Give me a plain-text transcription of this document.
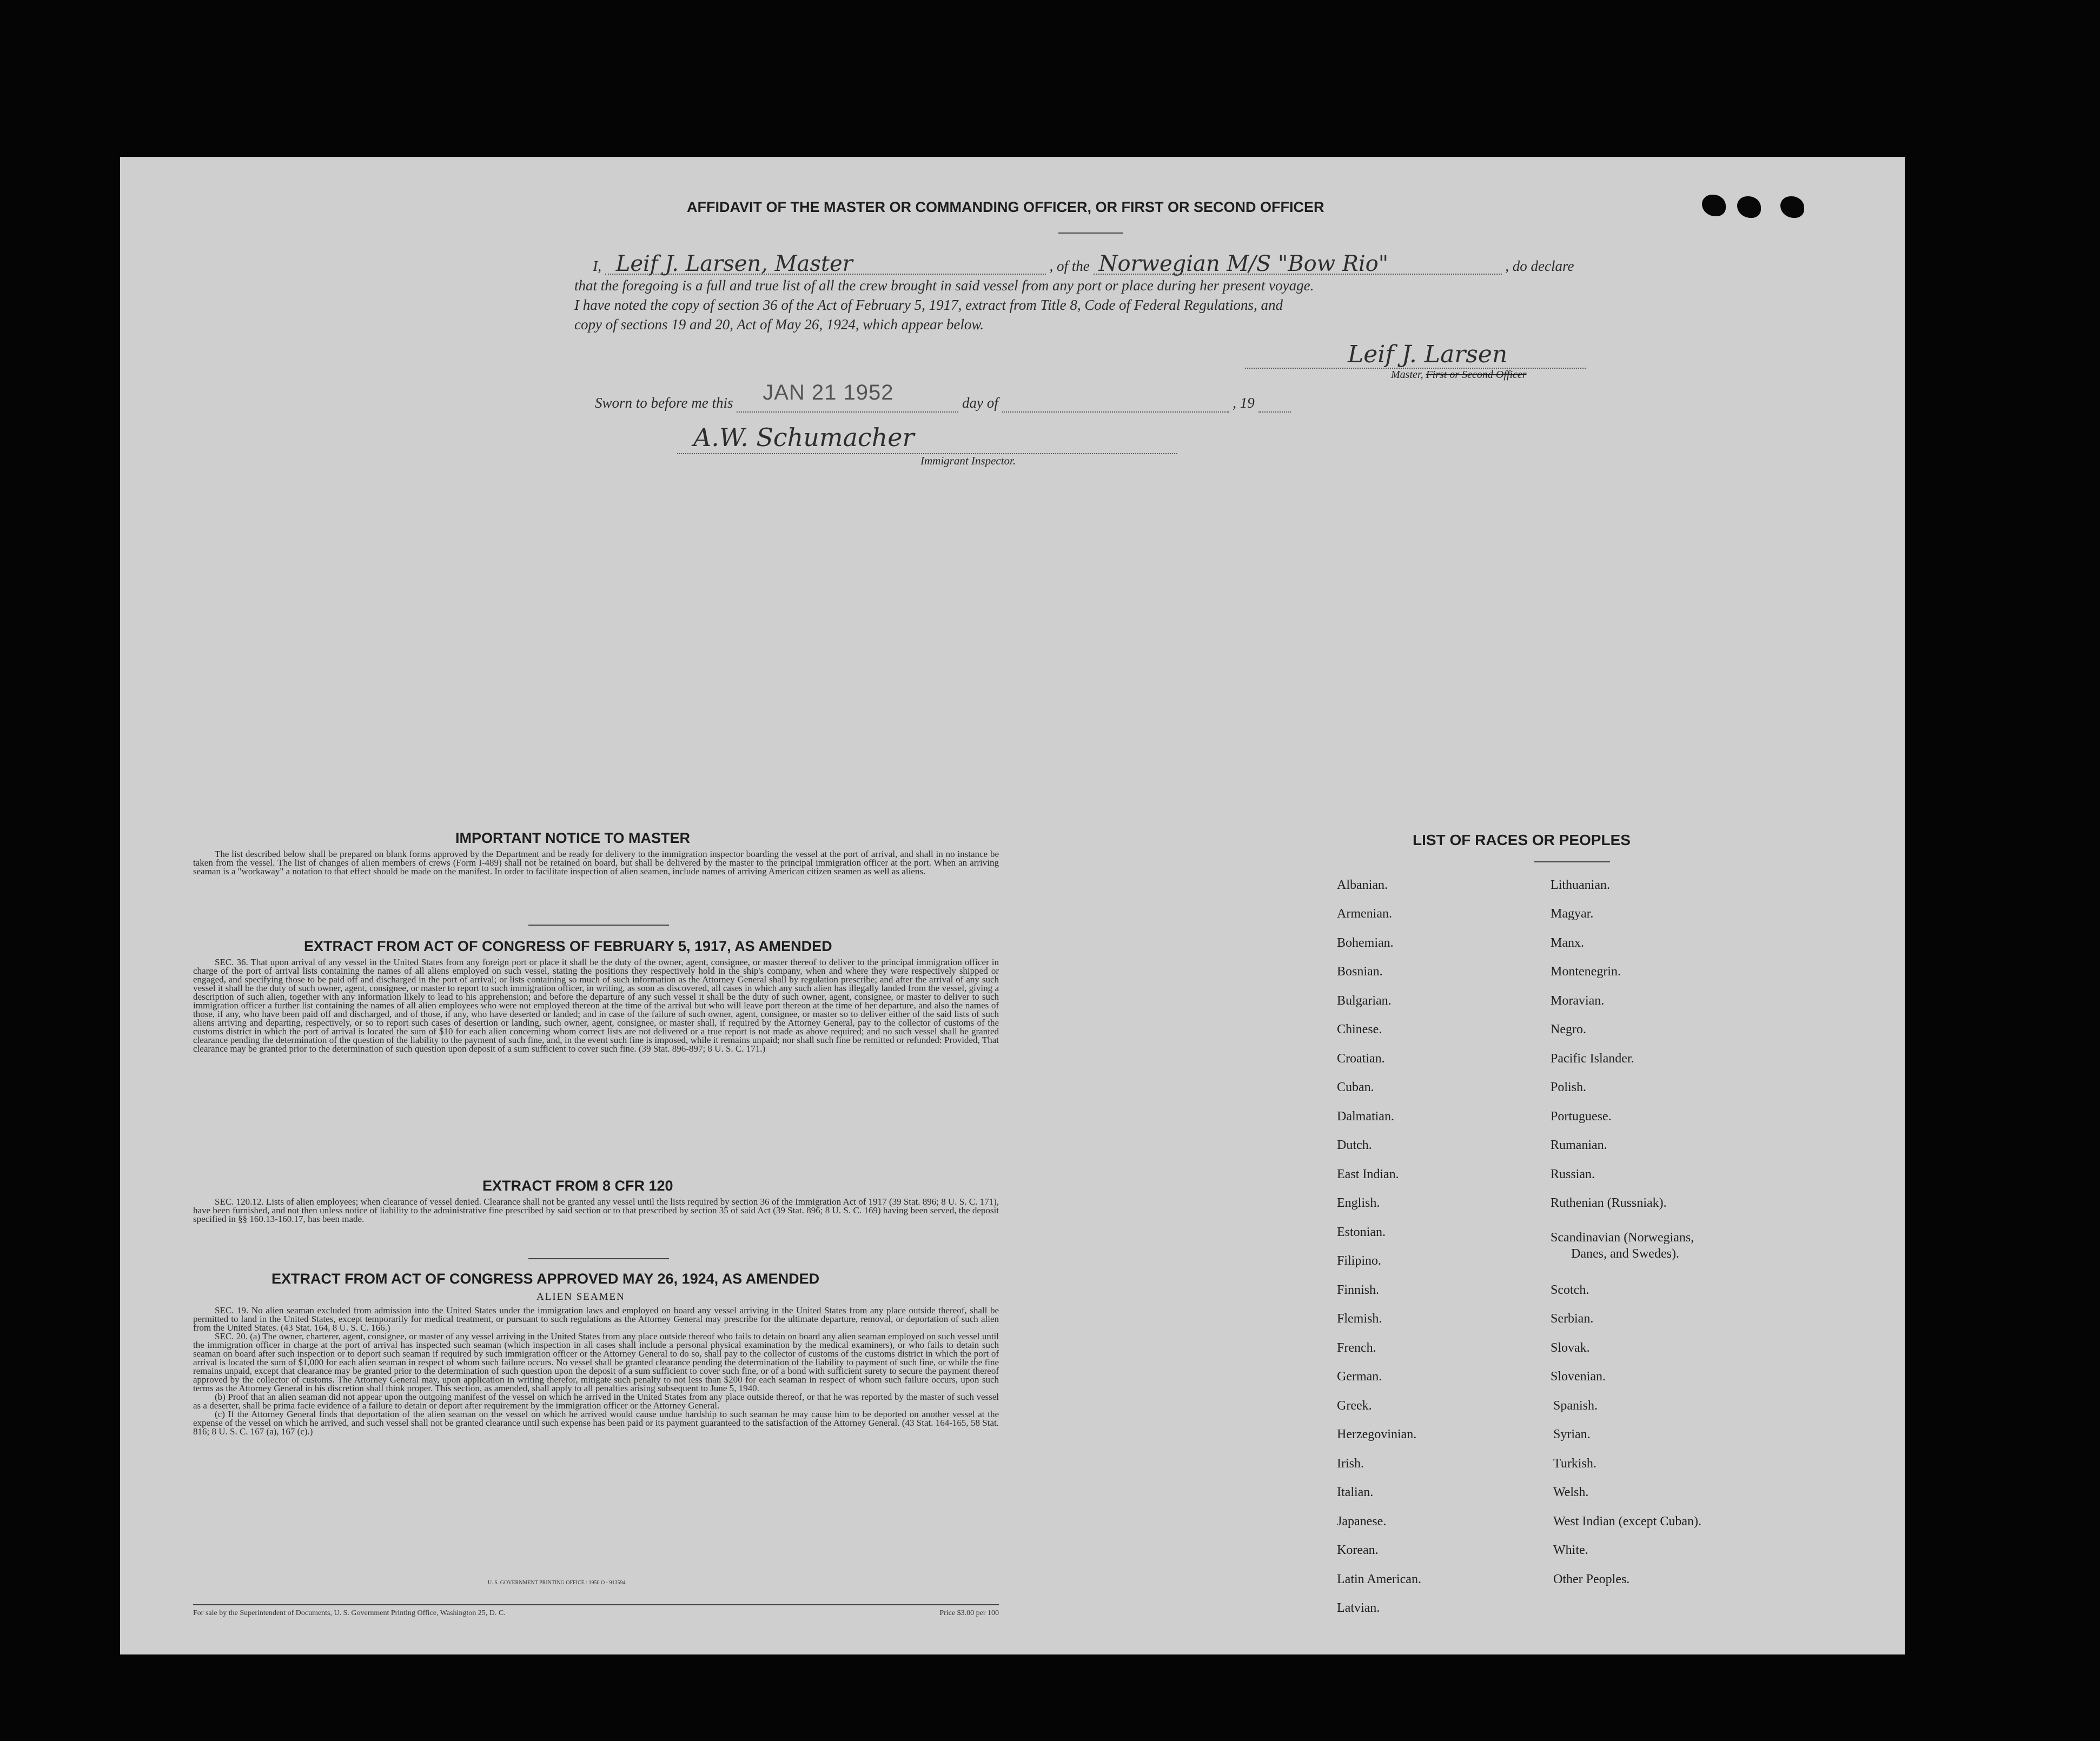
AFFIDAVIT OF THE MASTER OR COMMANDING OFFICER, OR FIRST OR SECOND OFFICER
I, Leif J. Larsen, Master	, of the Norwegian M/S "Bow Rio"	, do declare
that the foregoing is a full and true list of all the crew brought in said vessel from any port or place during her present voyage.
I have noted the copy of section 36 of the Act of February 5, 1917, extract from Title 8, Code of Federal Regulations, and
copy of sections 19 and 20, Act of May 26, 1924, which appear below.
Leif J. Larsen
Master, First or Second Officer
Sworn to before me this JAN 21 1952	day of	, 19
A.W. Schumacher
Immigrant Inspector.
IMPORTANT NOTICE TO MASTER

The list described below shall be prepared on blank forms approved by the Department and be ready for delivery to the immigration inspector boarding the vessel at the port of arrival, and shall in no instance be taken from the vessel. The list of changes of alien members of crews (Form I-489) shall not be retained on board, but shall be delivered by the master to the principal immigration officer at the port. When an arriving seaman is a "workaway" a notation to that effect should be made on the manifest. In order to facilitate inspection of alien seamen, include names of arriving American citizen seamen as well as aliens.

EXTRACT FROM ACT OF CONGRESS OF FEBRUARY 5, 1917, AS AMENDED

SEC. 36. That upon arrival of any vessel in the United States from any foreign port or place it shall be the duty of the owner, agent, consignee, or master thereof to deliver to the principal immigration officer in charge of the port of arrival lists containing the names of all aliens employed on such vessel, stating the positions they respectively hold in the ship's company, when and where they were respectively shipped or engaged, and specifying those to be paid off and discharged in the port of arrival; or lists containing so much of such information as the Attorney General shall by regulation prescribe; and after the arrival of any such vessel it shall be the duty of such owner, agent, consignee, or master to report to such immigration officer, in writing, as soon as discovered, all cases in which any such alien has illegally landed from the vessel, giving a description of such alien, together with any information likely to lead to his apprehension; and before the departure of any such vessel it shall be the duty of such owner, agent, consignee, or master to deliver to such immigration officer a further list containing the names of all alien employees who were not employed thereon at the time of the arrival but who will leave port thereon at the time of her departure, and also the names of those, if any, who have been paid off and discharged, and of those, if any, who have deserted or landed; and in case of the failure of such owner, agent, consignee, or master so to deliver either of the said lists of such aliens arriving and departing, respectively, or so to report such cases of desertion or landing, such owner, agent, consignee, or master shall, if required by the Attorney General, pay to the collector of customs of the customs district in which the port of arrival is located the sum of $10 for each alien concerning whom correct lists are not delivered or a true report is not made as above required; and no such vessel shall be granted clearance pending the determination of the question of the liability to the payment of such fine, and, in the event such fine is imposed, while it remains unpaid; nor shall such fine be remitted or refunded: Provided, That clearance may be granted prior to the determination of such question upon deposit of a sum sufficient to cover such fine. (39 Stat. 896-897; 8 U. S. C. 171.)

EXTRACT FROM 8 CFR 120

SEC. 120.12. Lists of alien employees; when clearance of vessel denied. Clearance shall not be granted any vessel until the lists required by section 36 of the Immigration Act of 1917 (39 Stat. 896; 8 U. S. C. 171), have been furnished, and not then unless notice of liability to the administrative fine prescribed by said section or to that prescribed by section 35 of said Act (39 Stat. 896; 8 U. S. C. 169) having been served, the deposit specified in §§ 160.13-160.17, has been made.

EXTRACT FROM ACT OF CONGRESS APPROVED MAY 26, 1924, AS AMENDED
ALIEN SEAMEN

SEC. 19. No alien seaman excluded from admission into the United States under the immigration laws and employed on board any vessel arriving in the United States from any place outside thereof, shall be permitted to land in the United States, except temporarily for medical treatment, or pursuant to such regulations as the Attorney General may prescribe for the ultimate departure, removal, or deportation of such alien from the United States. (43 Stat. 164, 8 U. S. C. 166.)

SEC. 20. (a) The owner, charterer, agent, consignee, or master of any vessel arriving in the United States from any place outside thereof who fails to detain on board any alien seaman employed on such vessel until the immigration officer in charge at the port of arrival has inspected such seaman (which inspection in all cases shall include a personal physical examination by the medical examiners), or who fails to detain such seaman on board after such inspection or to deport such seaman if required by such immigration officer or the Attorney General to do so, shall pay to the collector of customs of the customs district in which the port of arrival is located the sum of $1,000 for each alien seaman in respect of whom such failure occurs. No vessel shall be granted clearance pending the determination of the liability to payment of such fine, or while the fine remains unpaid, except that clearance may be granted prior to the determination of such question upon the deposit of a sum sufficient to cover such fine, or of a bond with sufficient surety to secure the payment thereof approved by the collector of customs. The Attorney General may, upon application in writing therefor, mitigate such penalty to not less than $200 for each seaman in respect of whom such failure occurs, upon such terms as the Attorney General in his discretion shall think proper. This section, as amended, shall apply to all penalties arising subsequent to June 5, 1940.

(b) Proof that an alien seaman did not appear upon the outgoing manifest of the vessel on which he arrived in the United States from any place outside thereof, or that he was reported by the master of such vessel as a deserter, shall be prima facie evidence of a failure to detain or deport after requirement by the immigration officer or the Attorney General.

(c) If the Attorney General finds that deportation of the alien seaman on the vessel on which he arrived would cause undue hardship to such seaman he may cause him to be deported on another vessel at the expense of the vessel on which he arrived, and such vessel shall not be granted clearance until such expense has been paid or its payment guaranteed to the satisfaction of the Attorney General. (43 Stat. 164-165, 58 Stat. 816; 8 U. S. C. 167 (a), 167 (c).)

U. S. GOVERNMENT PRINTING OFFICE : 1950 O - 913594
For sale by the Superintendent of Documents, U. S. Government Printing Office, Washington 25, D. C.	Price $3.00 per 100
LIST OF RACES OR PEOPLES
Albanian.
Armenian.
Bohemian.
Bosnian.
Bulgarian.
Chinese.
Croatian.
Cuban.
Dalmatian.
Dutch.
East Indian.
English.
Estonian.
Filipino.
Finnish.
Flemish.
French.
German.
Greek.
Herzegovinian.
Irish.
Italian.
Japanese.
Korean.
Latin American.
Latvian.
Lithuanian.
Magyar.
Manx.
Montenegrin.
Moravian.
Negro.
Pacific Islander.
Polish.
Portuguese.
Rumanian.
Russian.
Ruthenian (Russniak).
Scandinavian (Norwegians,
Danes, and Swedes).
Scotch.
Serbian.
Slovak.
Slovenian.
Spanish.
Syrian.
Turkish.
Welsh.
West Indian (except Cuban).
White.
Other Peoples.
